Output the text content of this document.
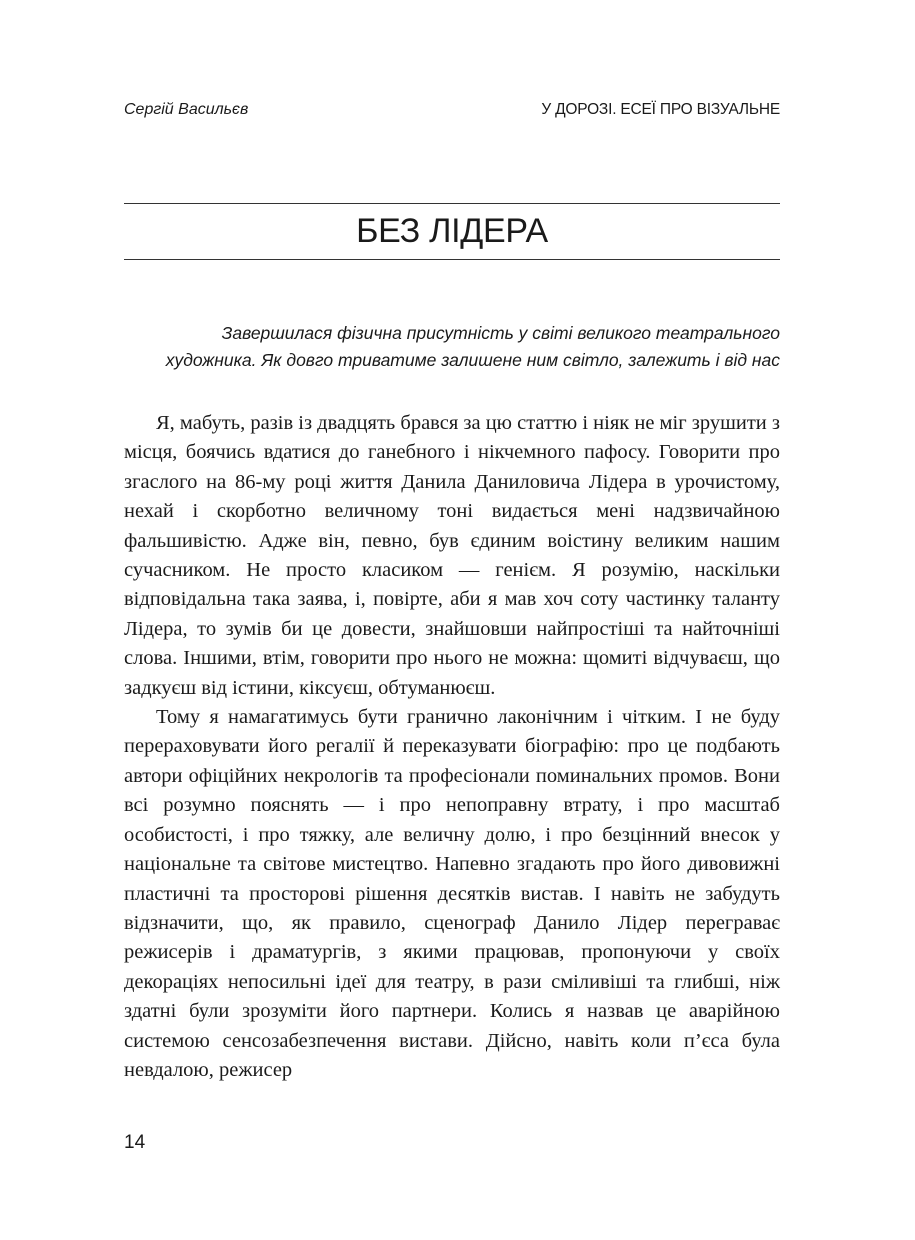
Сергій Васильєв	У ДОРОЗІ. ЕСЕЇ ПРО ВІЗУАЛЬНЕ
БЕЗ ЛІДЕРА
Завершилася фізична присутність у світі великого театрального
художника. Як довго триватиме залишене ним світло, залежить і від нас

Я, мабуть, разів із двадцять брався за цю статтю і ніяк не міг зрушити з місця, боячись вдатися до ганебного і нікчемного пафосу. Говорити про згаслого на 86-му році життя Данила Даниловича Лідера в урочистому, нехай і скорботно величному тоні видається мені надзвичайною фальшивістю. Адже він, певно, був єдиним воістину великим нашим сучасником. Не просто класиком — генієм. Я розумію, наскільки відповідальна така заява, і, повірте, аби я мав хоч соту частинку таланту Лідера, то зумів би це довести, знайшовши найпростіші та найточніші слова. Іншими, втім, говорити про нього не можна: щомиті відчуваєш, що задкуєш від істини, кіксуєш, обтуманюєш.

Тому я намагатимусь бути гранично лаконічним і чітким. І не буду перераховувати його регалії й переказувати біографію: про це подбають автори офіційних некрологів та професіонали поминальних промов. Вони всі розумно пояснять — і про непоправну втрату, і про масштаб особистості, і про тяжку, але величну долю, і про безцінний внесок у національне та світове мистецтво. Напевно згадають про його дивовижні пластичні та просторові рішення десятків вистав. І навіть не забудуть відзначити, що, як правило, сценограф Данило Лідер переграває режисерів і драматургів, з якими працював, пропонуючи у своїх декораціях непосильні ідеї для театру, в рази сміливіші та глибші, ніж здатні були зрозуміти його партнери. Колись я назвав це аварійною системою сенсозабезпечення вистави. Дійсно, навіть коли п’єса була невдалою, режисер

14
